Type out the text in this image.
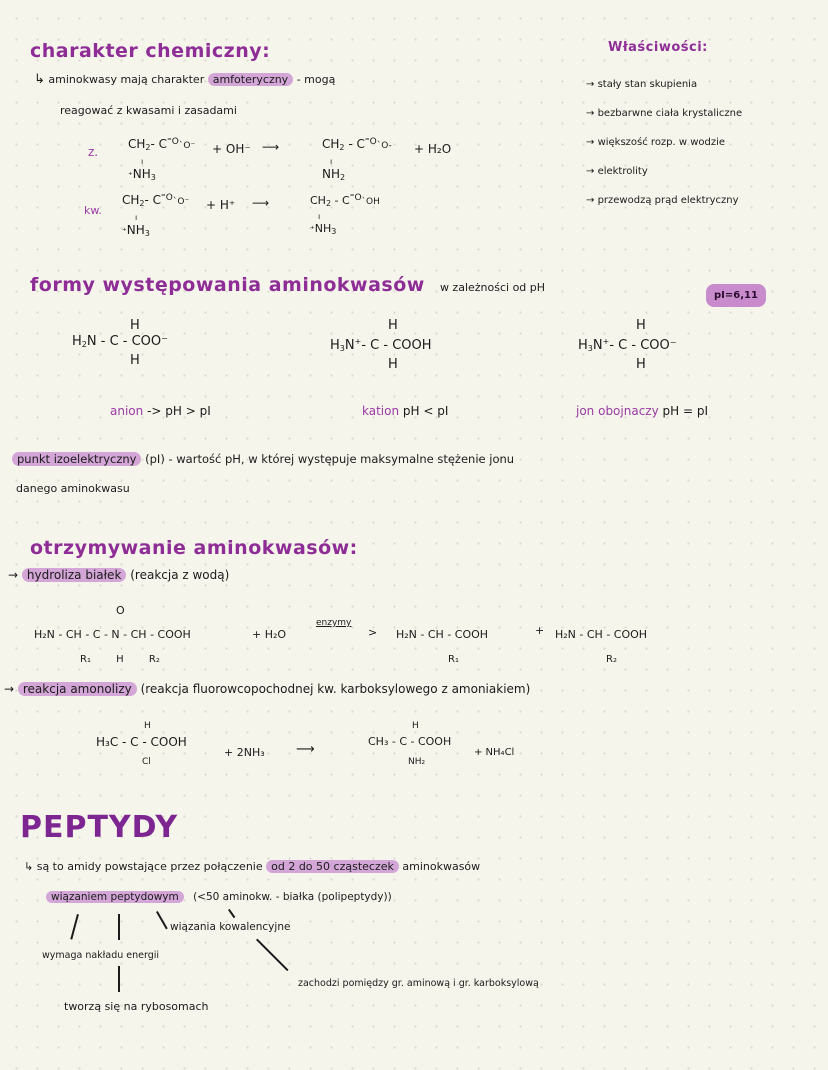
charakter chemiczny:
↳ aminokwasy mają charakter amfoteryczny - mogą
reagować z kwasami i zasadami
z.
$CH_2-$ $C^{^=O}ˋO^-$
ı
$^+NH_3$
+ OH⁻ ⟶	$CH_2$ - $C^{^=O}ˋO-$
ı
$NH_2$
+ H₂O
kw.
$CH_2-$ $C^{^=O}ˋO^-$
ı
$^+NH_3$
+ H⁺ ⟶	$CH_2$ - $C^{^=O}ˋOH$
ı
$^+NH_3$
Właściwości:
→ stały stan skupienia
→ bezbarwne ciała krystaliczne
→ większość rozp. w wodzie
→ elektrolity
→ przewodzą prąd elektryczny
formy występowania aminokwasów w zależności od pH
pI=6,11
H
$H_2N$ - C - COO⁻
H
anion -> pH > pI
H
$H_3N^+-$ C - COOH
H
kation pH < pI
H
$H_3N^+-$ C - COO⁻
H
jon obojnaczy pH = pI
punkt izoelektryczny (pI) - wartość pH, w której występuje maksymalne stężenie jonu
danego aminokwasu
otrzymywanie aminokwasów:
→ hydroliza białek (reakcja z wodą)
O
H₂N - CH - C - N - CH - COOH
R₁	H	R₂
+ H₂O
enzymy
> H₂N - CH - COOH
R₁
+ H₂N - CH - COOH
R₂
→ reakcja amonolizy (reakcja fluorowcopochodnej kw. karboksylowego z amoniakiem)
H
H₃C - C - COOH
Cl
+ 2NH₃ ⟶
H
CH₃ - C - COOH
NH₂
+ NH₄Cl
PEPTYDY
↳ są to amidy powstające przez połączenie od 2 do 50 cząsteczek aminokwasów
wiązaniem peptydowym (<50 aminokw. - białka (polipeptydy))
wiązania kowalencyjne
wymaga nakładu energii
zachodzi pomiędzy gr. aminową i gr. karboksylową
tworzą się na rybosomach
